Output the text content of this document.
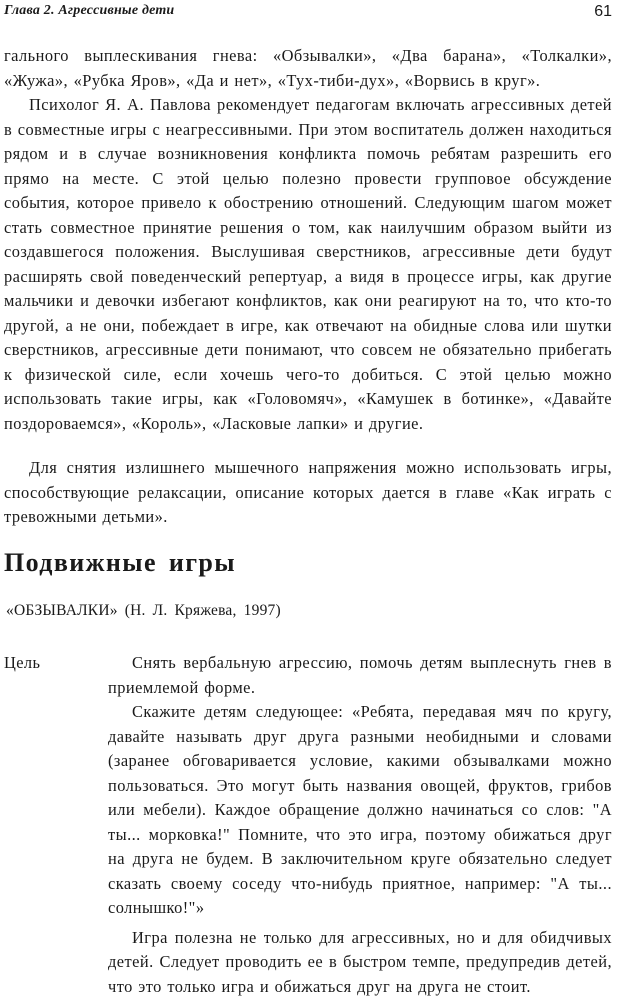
Глава 2. Агрессивные дети	61

гального выплескивания гнева: «Обзывалки», «Два барана», «Толкалки», «Жужа», «Рубка Яров», «Да и нет», «Тух-тиби-дух», «Ворвись в круг».

Психолог Я. А. Павлова рекомендует педагогам включать агрессивных детей в совместные игры с неагрессивными. При этом воспитатель должен находиться рядом и в случае возникновения конфликта помочь ребятам разрешить его прямо на месте. С этой целью полезно провести групповое обсуждение события, которое привело к обострению отношений. Следующим шагом может стать совместное принятие решения о том, как наилучшим образом выйти из создавшегося положения. Выслушивая сверстников, агрессивные дети будут расширять свой поведенческий репертуар, а видя в процессе игры, как другие мальчики и девочки избегают конфликтов, как они реагируют на то, что кто-то другой, а не они, побеждает в игре, как отвечают на обидные слова или шутки сверстников, агрессивные дети понимают, что совсем не обязательно прибегать к физической силе, если хочешь чего-то добиться. С этой целью можно использовать такие игры, как «Головомяч», «Камушек в ботинке», «Давайте поздороваемся», «Король», «Ласковые лапки» и другие.

Для снятия излишнего мышечного напряжения можно использовать игры, способствующие релаксации, описание которых дается в главе «Как играть с тревожными детьми».

Подвижные игры
«ОБЗЫВАЛКИ» (Н. Л. Кряжева, 1997)
Цель	Снять вербальную агрессию, помочь детям выплеснуть гнев в приемлемой форме.

Скажите детям следующее: «Ребята, передавая мяч по кругу, давайте называть друг друга разными необидными и словами (заранее обговаривается условие, какими обзывалками можно пользоваться. Это могут быть названия овощей, фруктов, грибов или мебели). Каждое обращение должно начинаться со слов: "А ты... морковка!" Помните, что это игра, поэтому обижаться друг на друга не будем. В заключительном круге обязательно следует сказать своему соседу что-нибудь приятное, например: "А ты... солнышко!"»

Игра полезна не только для агрессивных, но и для обидчивых детей. Следует проводить ее в быстром темпе, предупредив детей, что это только игра и обижаться друг на друга не стоит.
